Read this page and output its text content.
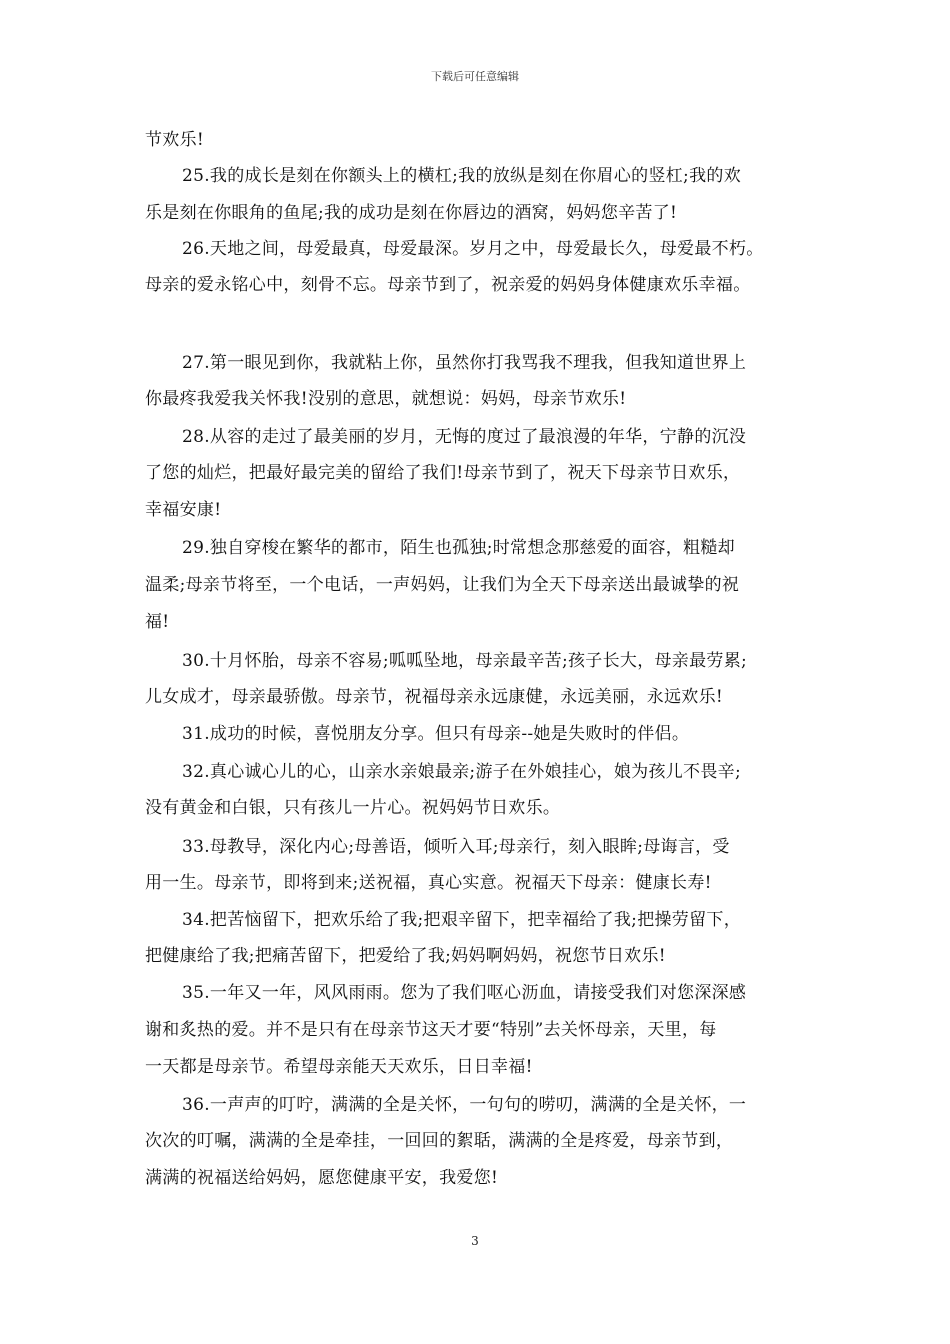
下载后可任意编辑
节欢乐!
25.我的成长是刻在你额头上的横杠;我的放纵是刻在你眉心的竖杠;我的欢
乐是刻在你眼角的鱼尾;我的成功是刻在你唇边的酒窝，妈妈您辛苦了!
26.天地之间，母爱最真，母爱最深。岁月之中，母爱最长久，母爱最不朽。
母亲的爱永铭心中，刻骨不忘。母亲节到了，祝亲爱的妈妈身体健康欢乐幸福。
27.第一眼见到你，我就粘上你，虽然你打我骂我不理我，但我知道世界上
你最疼我爱我关怀我!没别的意思，就想说：妈妈，母亲节欢乐!
28.从容的走过了最美丽的岁月，无悔的度过了最浪漫的年华，宁静的沉没
了您的灿烂，把最好最完美的留给了我们!母亲节到了，祝天下母亲节日欢乐，
幸福安康!
29.独自穿梭在繁华的都市，陌生也孤独;时常想念那慈爱的面容，粗糙却
温柔;母亲节将至，一个电话，一声妈妈，让我们为全天下母亲送出最诚挚的祝
福!
30.十月怀胎，母亲不容易;呱呱坠地，母亲最辛苦;孩子长大，母亲最劳累;
儿女成才，母亲最骄傲。母亲节，祝福母亲永远康健，永远美丽，永远欢乐!
31.成功的时候，喜悦朋友分享。但只有母亲--她是失败时的伴侣。
32.真心诚心儿的心，山亲水亲娘最亲;游子在外娘挂心，娘为孩儿不畏辛;
没有黄金和白银，只有孩儿一片心。祝妈妈节日欢乐。
33.母教导，深化内心;母善语，倾听入耳;母亲行，刻入眼眸;母诲言，受
用一生。母亲节，即将到来;送祝福，真心实意。祝福天下母亲：健康长寿!
34.把苦恼留下，把欢乐给了我;把艰辛留下，把幸福给了我;把操劳留下，
把健康给了我;把痛苦留下，把爱给了我;妈妈啊妈妈，祝您节日欢乐!
35.一年又一年，风风雨雨。您为了我们呕心沥血，请接受我们对您深深感
谢和炙热的爱。并不是只有在母亲节这天才要“特别”去关怀母亲，天里，每
一天都是母亲节。希望母亲能天天欢乐，日日幸福!
36.一声声的叮咛，满满的全是关怀，一句句的唠叨，满满的全是关怀，一
次次的叮嘱，满满的全是牵挂，一回回的絮聒，满满的全是疼爱，母亲节到，
满满的祝福送给妈妈，愿您健康平安，我爱您!
3
